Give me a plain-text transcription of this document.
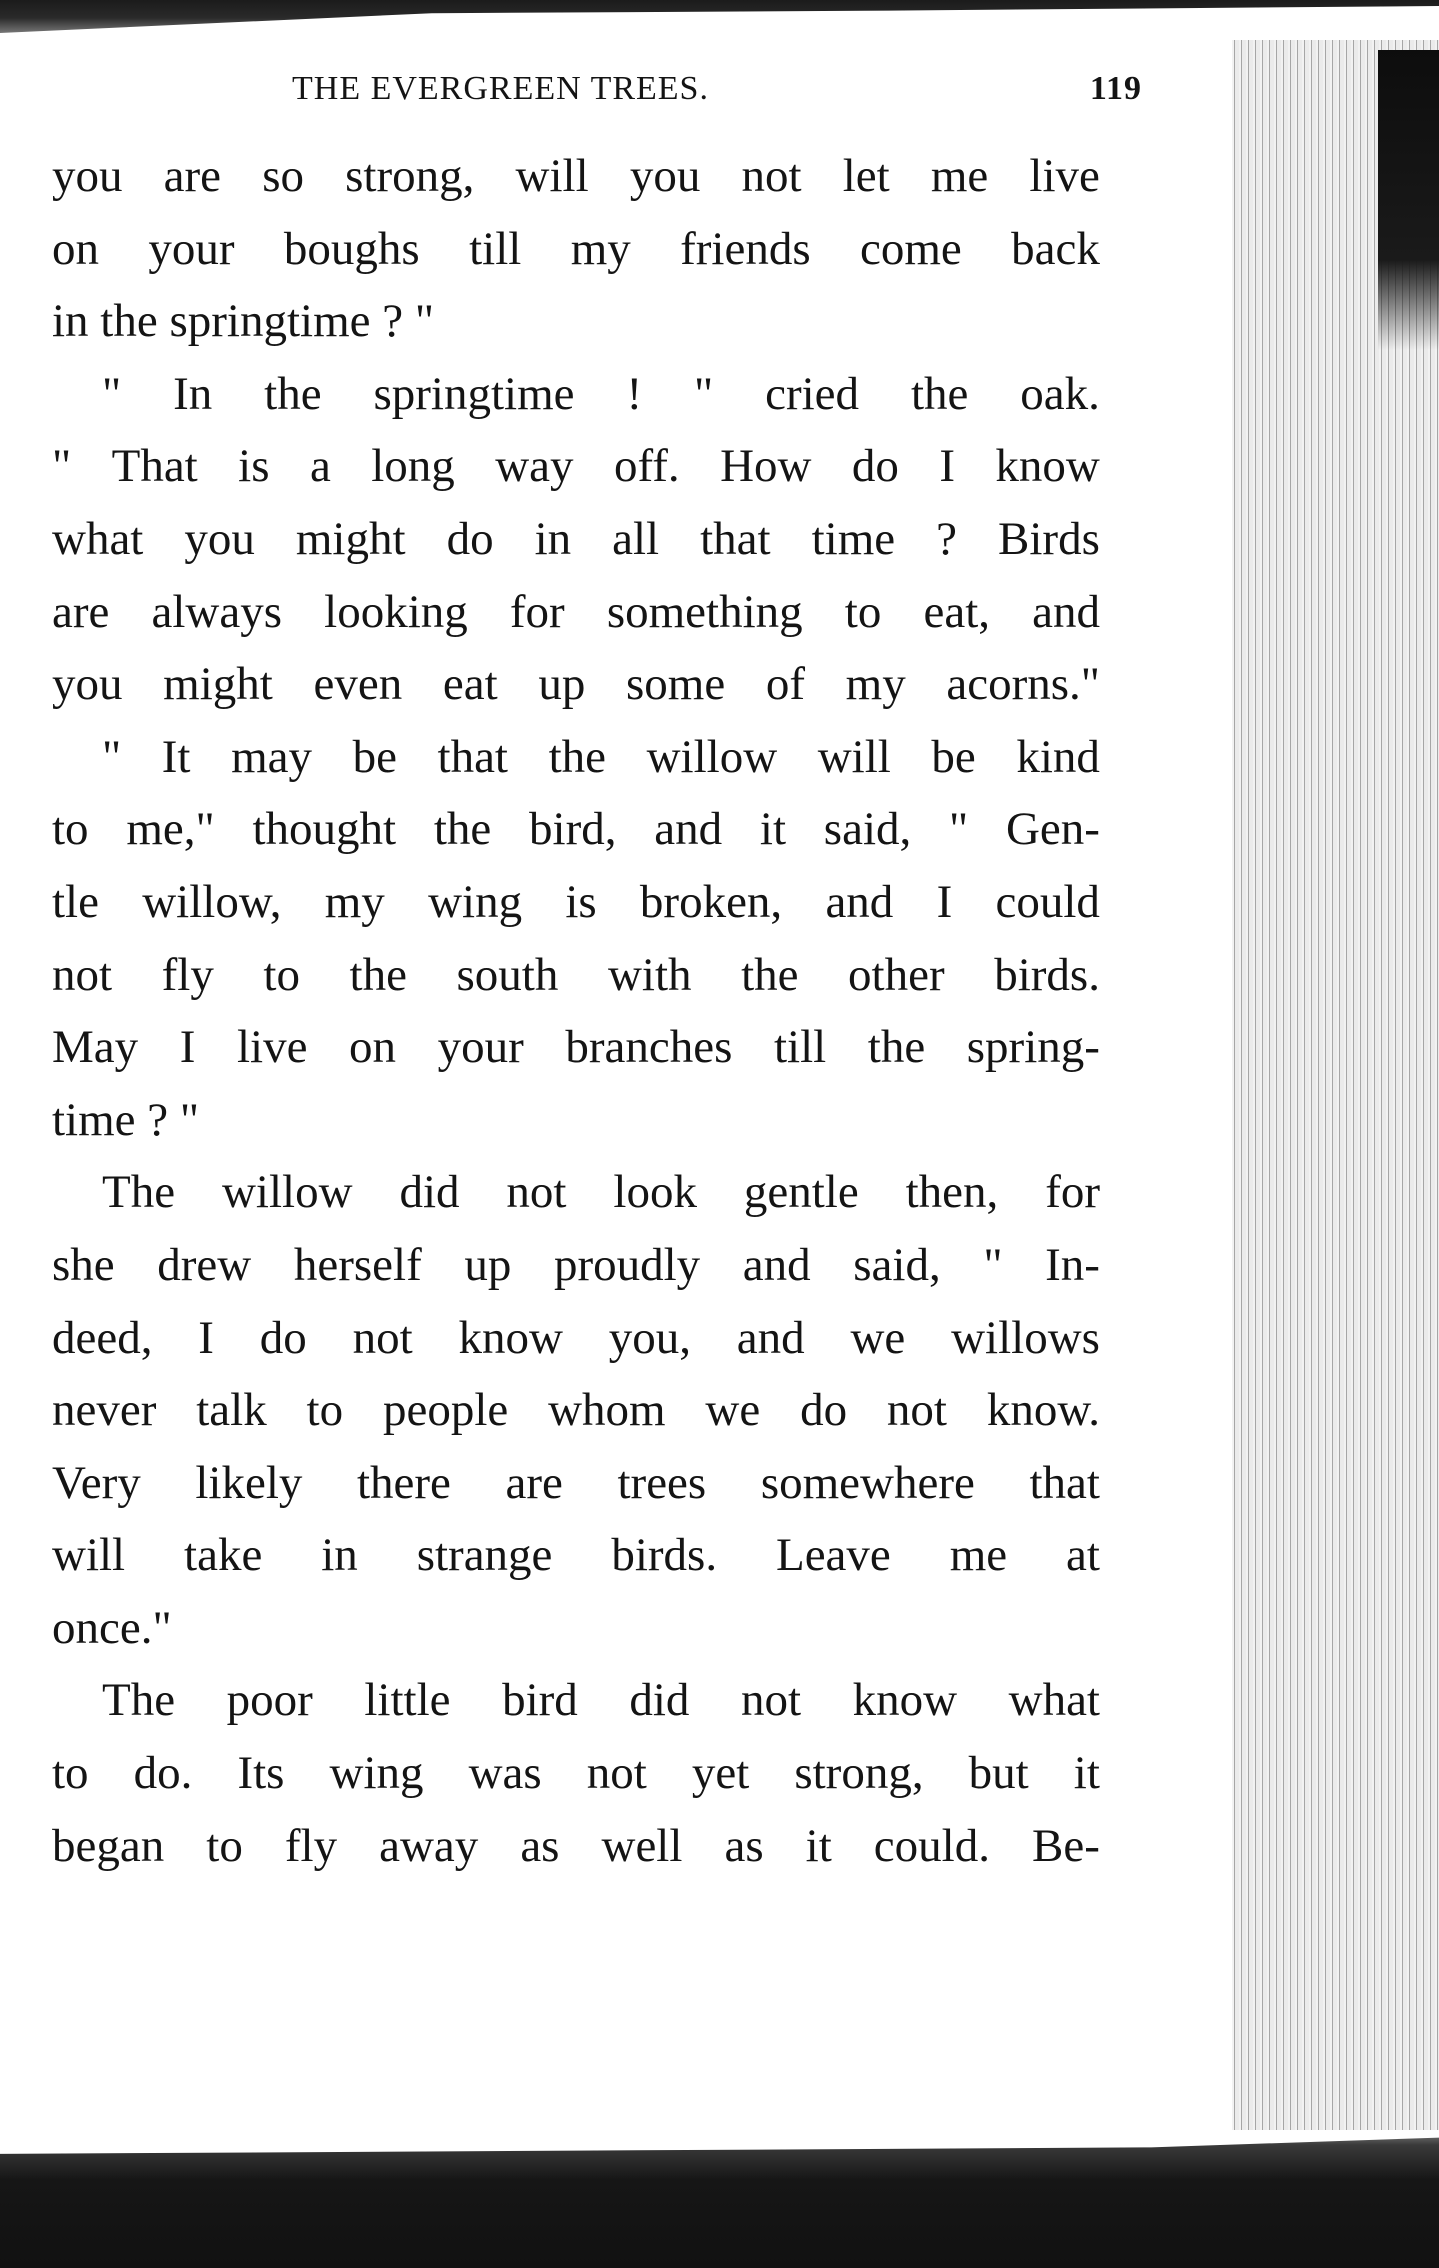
THE EVERGREEN TREES.	119
you are so strong, will you not let me live
on your boughs till my friends come back
in the springtime ? "
" In the springtime ! " cried the oak.
" That is a long way off. How do I know
what you might do in all that time ? Birds
are always looking for something to eat, and
you might even eat up some of my acorns."
" It may be that the willow will be kind
to me," thought the bird, and it said, " Gen-
tle willow, my wing is broken, and I could
not fly to the south with the other birds.
May I live on your branches till the spring-
time ? "
The willow did not look gentle then, for
she drew herself up proudly and said, " In-
deed, I do not know you, and we willows
never talk to people whom we do not know.
Very likely there are trees somewhere that
will take in strange birds. Leave me at
once."
The poor little bird did not know what
to do. Its wing was not yet strong, but it
began to fly away as well as it could. Be-
